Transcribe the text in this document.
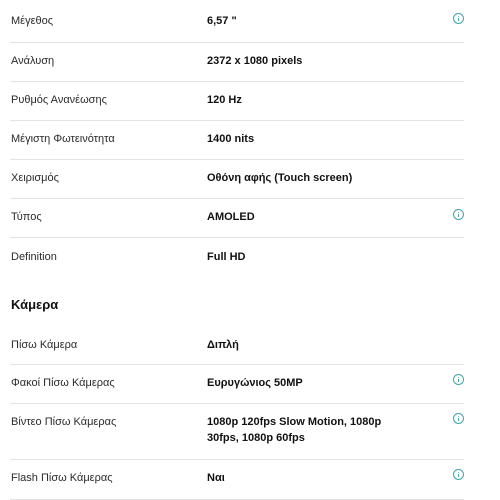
Μέγεθος	6,57 "
Ανάλυση	2372 x 1080 pixels
Ρυθμός Ανανέωσης	120 Hz
Μέγιστη Φωτεινότητα	1400 nits
Χειρισμός	Οθόνη αφής (Touch screen)
Τύπος	AMOLED
Definition	Full HD
Κάμερα
Πίσω Κάμερα	Διπλή
Φακοί Πίσω Κάμερας	Ευρυγώνιος 50MP
Βίντεο Πίσω Κάμερας	1080p 120fps Slow Motion, 1080p
30fps, 1080p 60fps
Flash Πίσω Κάμερας	Ναι
